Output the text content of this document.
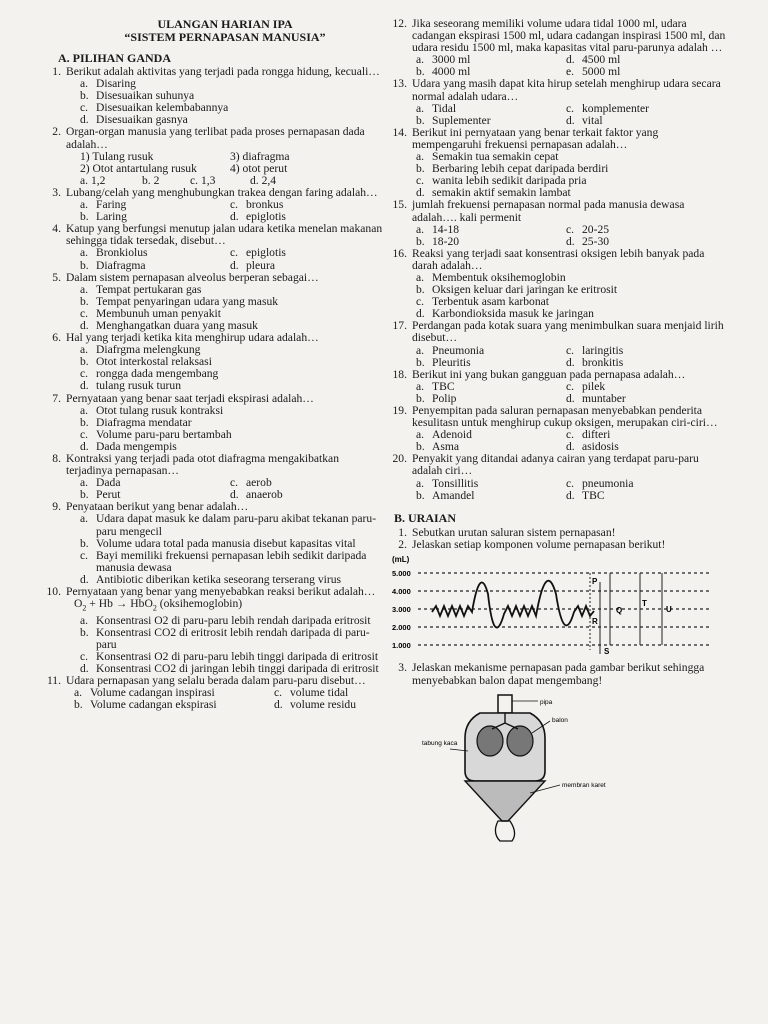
ULANGAN HARIAN IPA
“SISTEM PERNAPASAN MANUSIA”
A. PILIHAN GANDA
1. Berikut adalah aktivitas yang terjadi pada rongga hidung, kecuali…
a. Disaring
b. Disesuaikan suhunya
c. Disesuaikan kelembabannya
d. Disesuaikan gasnya
2. Organ-organ manusia yang terlibat pada proses pernapasan dada adalah…
1) Tulang rusuk	3) diafragma
2) Otot antartulang rusuk	4) otot perut
a. 1,2	b. 2	c. 1,3	d. 2,4
3. Lubang/celah yang menghubungkan trakea dengan faring adalah…
a. Faring	c. bronkus
b. Laring	d. epiglotis
4. Katup yang berfungsi menutup jalan udara ketika menelan makanan sehingga tidak tersedak, disebut…
a. Bronkiolus	c. epiglotis
b. Diafragma	d. pleura
5. Dalam sistem pernapasan alveolus berperan sebagai…
a. Tempat pertukaran gas
b. Tempat penyaringan udara yang masuk
c. Membunuh uman penyakit
d. Menghangatkan duara yang masuk
6. Hal yang terjadi ketika kita menghirup udara adalah…
a. Diafrgma melengkung
b. Otot interkostal relaksasi
c. rongga dada mengembang
d. tulang rusuk turun
7. Pernyataan yang benar saat terjadi ekspirasi adalah…
a. Otot tulang rusuk kontraksi
b. Diafragma mendatar
c. Volume paru-paru bertambah
d. Dada mengempis
8. Kontraksi yang terjadi pada otot diafragma mengakibatkan terjadinya pernapasan…
a. Dada	c. aerob
b. Perut	d. anaerob
9. Penyataan berikut yang benar adalah…
a. Udara dapat masuk ke dalam paru-paru akibat tekanan paru-paru mengecil
b. Volume udara total pada manusia disebut kapasitas vital
c. Bayi memiliki frekuensi pernapasan lebih sedikit daripada manusia dewasa
d. Antibiotic diberikan ketika seseorang terserang virus
10. Pernyataan yang benar yang menyebabkan reaksi berikut adalah…
$O_2 + Hb \to HbO_2$ (oksihemoglobin)
a. Konsentrasi O2 di paru-paru lebih rendah daripada eritrosit
b. Konsentrasi CO2 di eritrosit lebih rendah daripada di paru-paru
c. Konsentrasi O2 di paru-paru lebih tinggi daripada di eritrosit
d. Konsentrasi CO2 di jaringan lebih tinggi daripada di eritrosit
11. Udara pernapasan yang selalu berada dalam paru-paru disebut…
a. Volume cadangan inspirasi	c. volume tidal
b. Volume cadangan ekspirasi	d. volume residu
12. Jika seseorang memiliki volume udara tidal 1000 ml, udara cadangan ekspirasi 1500 ml, udara cadangan inspirasi 1500 ml, dan udara residu 1500 ml, maka kapasitas vital paru-parunya adalah …
a. 3000 ml	d. 4500 ml
b. 4000 ml	e. 5000 ml
13. Udara yang masih dapat kita hirup setelah menghirup udara secara normal adalah udara…
a. Tidal	c. komplementer
b. Suplementer	d. vital
14. Berikut ini pernyataan yang benar terkait faktor yang mempengaruhi frekuensi pernapasan adalah…
a. Semakin tua semakin cepat
b. Berbaring lebih cepat daripada berdiri
c. wanita lebih sedikit daripada pria
d. semakin aktif semakin lambat
15. jumlah frekuensi pernapasan normal pada manusia dewasa adalah…. kali permenit
a. 14-18	c. 20-25
b. 18-20	d. 25-30
16. Reaksi yang terjadi saat konsentrasi oksigen lebih banyak pada darah adalah…
a. Membentuk oksihemoglobin
b. Oksigen keluar dari jaringan ke eritrosit
c. Terbentuk asam karbonat
d. Karbondioksida masuk ke jaringan
17. Perdangan pada kotak suara yang menimbulkan suara menjaid lirih disebut…
a. Pneumonia	c. laringitis
b. Pleuritis	d. bronkitis
18. Berikut ini yang bukan gangguan pada pernapasa adalah…
a. TBC	c. pilek
b. Polip	d. muntaber
19. Penyempitan pada saluran pernapasan menyebabkan penderita kesulitasn untuk menghirup cukup oksigen, merupakan ciri-ciri…
a. Adenoid	c. difteri
b. Asma	d. asidosis
20. Penyakit yang ditandai adanya cairan yang terdapat paru-paru adalah ciri…
a. Tonsillitis	c. pneumonia
b. Amandel	d. TBC
B. URAIAN
1. Sebutkan urutan saluran sistem pernapasan!
2. Jelaskan setiap komponen volume pernapasan berikut!
(mL)
5.000
4.000
3.000
2.000
1.000
P
Q
R
S
T
U
3. Jelaskan mekanisme pernapasan pada gambar berikut sehingga menyebabkan balon dapat mengembang!
pipa
balon
tabung kaca
membran karet
